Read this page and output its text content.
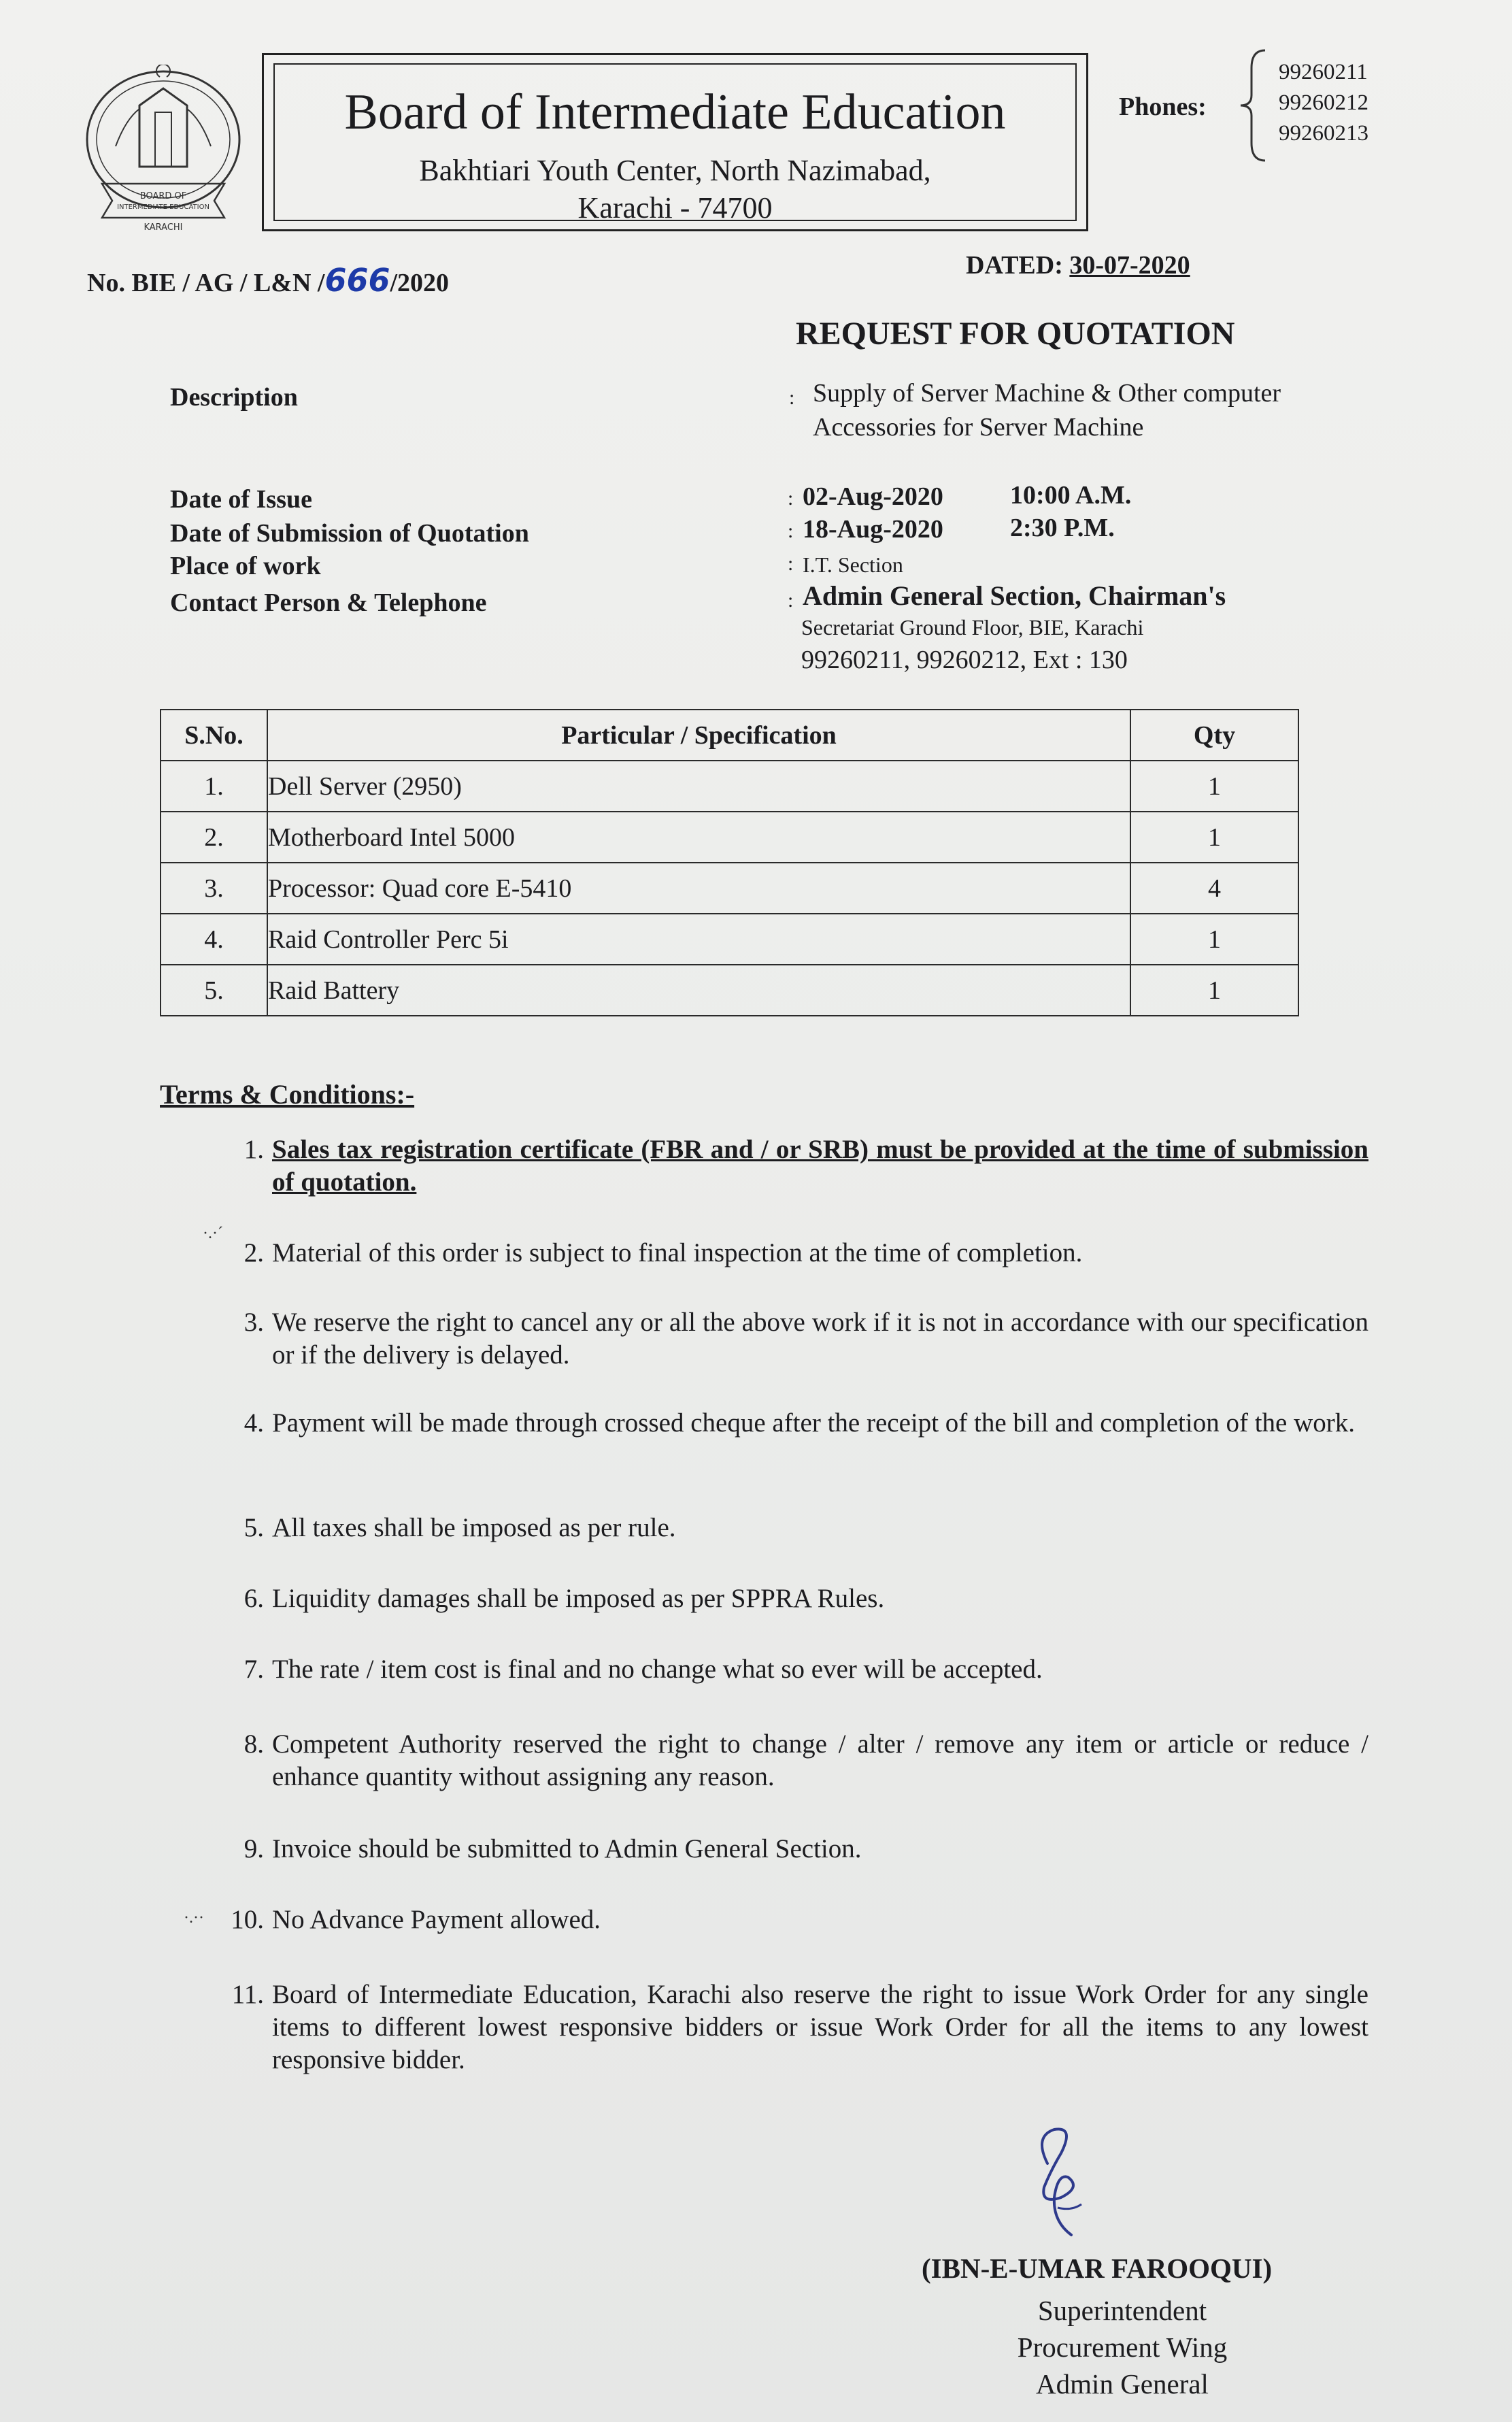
BOARD OF
INTERMEDIATE EDUCATION
KARACHI
Board of Intermediate Education
Bakhtiari Youth Center, North Nazimabad,
Karachi - 74700
Phones:
99260211
99260212
99260213
No. BIE / AG / L&N /666/2020
DATED: 30-07-2020
REQUEST FOR QUOTATION
Description	: Supply of Server Machine & Other computer
Accessories for Server Machine
Date of Issue	: 02-Aug-2020	10:00 A.M.
Date of Submission of Quotation	: 18-Aug-2020	2:30 P.M.
Place of work	: I.T. Section
Contact Person & Telephone	: Admin General Section, Chairman's
Secretariat Ground Floor, BIE, Karachi
99260211, 99260212, Ext : 130
S.No.	Particular / Specification	Qty
1.	Dell Server (2950)	1
2.	Motherboard Intel 5000	1
3.	Processor: Quad core E-5410	4
4.	Raid Controller Perc 5i	1
5.	Raid Battery	1
Terms & Conditions:-
1. Sales tax registration certificate (FBR and / or SRB) must be provided at the time of submission of quotation.
·.·´
2. Material of this order is subject to final inspection at the time of completion.
3. We reserve the right to cancel any or all the above work if it is not in accordance with our specification or if the delivery is delayed.
4. Payment will be made through crossed cheque after the receipt of the bill and completion of the work.
5. All taxes shall be imposed as per rule.
6. Liquidity damages shall be imposed as per SPPRA Rules.
7. The rate / item cost is final and no change what so ever will be accepted.
8. Competent Authority reserved the right to change / alter / remove any item or article or reduce / enhance quantity without assigning any reason.
9. Invoice should be submitted to Admin General Section.
·.·· 10. No Advance Payment allowed.
11. Board of Intermediate Education, Karachi also reserve the right to issue Work Order for any single items to different lowest responsive bidders or issue Work Order for all the items to any lowest responsive bidder.
(IBN-E-UMAR FAROOQUI)
Superintendent
Procurement Wing
Admin General
